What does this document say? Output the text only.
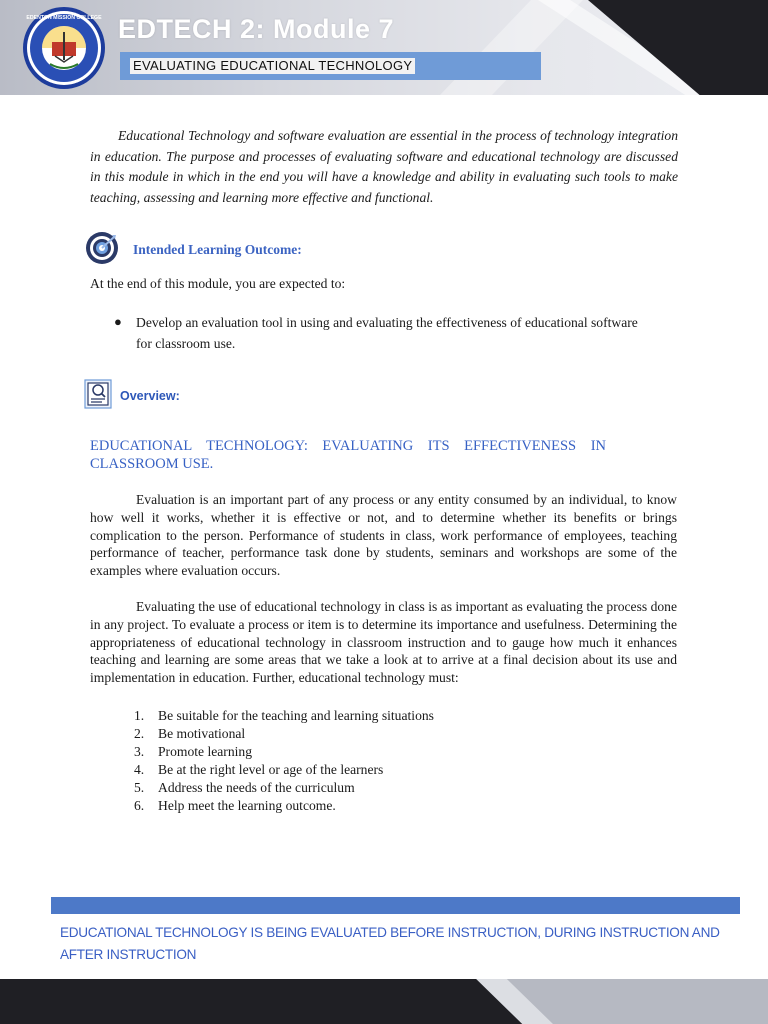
EDENTON MISSION COLLEGE EDTECH 2: Module 7
EVALUATING EDUCATIONAL TECHNOLOGY
Educational Technology and software evaluation are essential in the process of technology integration in education. The purpose and processes of evaluating software and educational technology are discussed in this module in which in the end you will have a knowledge and ability in evaluating such tools to make teaching, assessing and learning more effective and functional.
Intended Learning Outcome:
At the end of this module, you are expected to:
● Develop an evaluation tool in using and evaluating the effectiveness of educational software for classroom use.
Overview:
EDUCATIONAL TECHNOLOGY: EVALUATING ITS EFFECTIVENESS IN CLASSROOM USE.
Evaluation is an important part of any process or any entity consumed by an individual, to know how well it works, whether it is effective or not, and to determine whether its benefits or brings complication to the person. Performance of students in class, work performance of employees, teaching performance of teacher, performance task done by students, seminars and workshops are some of the examples where evaluation occurs.
Evaluating the use of educational technology in class is as important as evaluating the process done in any project. To evaluate a process or item is to determine its importance and usefulness. Determining the appropriateness of educational technology in classroom instruction and to gauge how much it enhances teaching and learning are some areas that we take a look at to arrive at a final decision about its use and implementation in education. Further, educational technology must:
1. Be suitable for the teaching and learning situations
2. Be motivational
3. Promote learning
4. Be at the right level or age of the learners
5. Address the needs of the curriculum
6. Help meet the learning outcome.
EDUCATIONAL TECHNOLOGY IS BEING EVALUATED BEFORE INSTRUCTION, DURING INSTRUCTION AND AFTER INSTRUCTION
